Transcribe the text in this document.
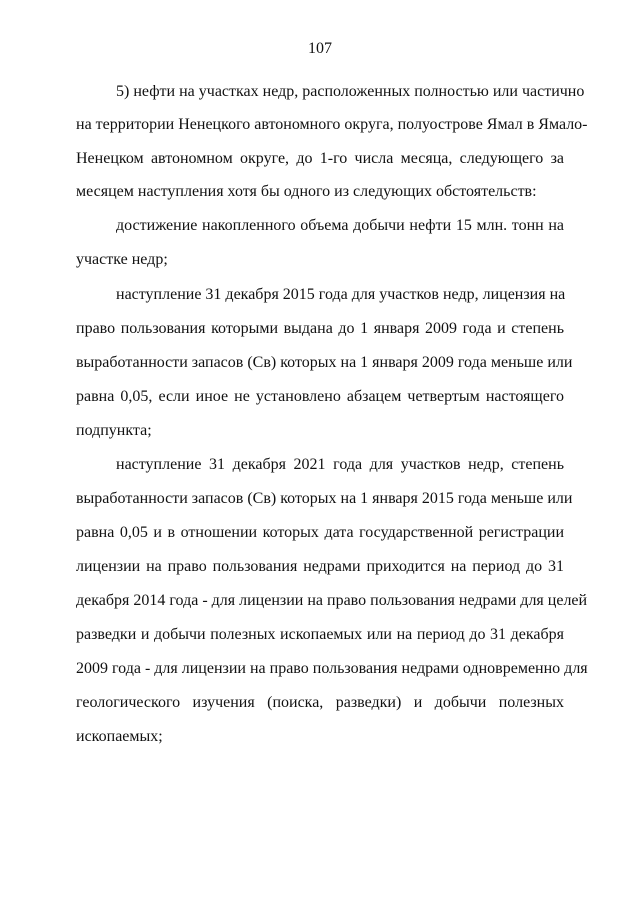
107
5) нефти на участках недр, расположенных полностью или частично
на территории Ненецкого автономного округа, полуострове Ямал в Ямало-
Ненецком автономном округе, до 1-го числа месяца, следующего за
месяцем наступления хотя бы одного из следующих обстоятельств:
достижение накопленного объема добычи нефти 15 млн. тонн на
участке недр;
наступление 31 декабря 2015 года для участков недр, лицензия на
право пользования которыми выдана до 1 января 2009 года и степень
выработанности запасов (Cв) которых на 1 января 2009 года меньше или
равна 0,05, если иное не установлено абзацем четвертым настоящего
подпункта;
наступление 31 декабря 2021 года для участков недр, степень
выработанности запасов (Cв) которых на 1 января 2015 года меньше или
равна 0,05 и в отношении которых дата государственной регистрации
лицензии на право пользования недрами приходится на период до 31
декабря 2014 года - для лицензии на право пользования недрами для целей
разведки и добычи полезных ископаемых или на период до 31 декабря
2009 года - для лицензии на право пользования недрами одновременно для
геологического изучения (поиска, разведки) и добычи полезных
ископаемых;
